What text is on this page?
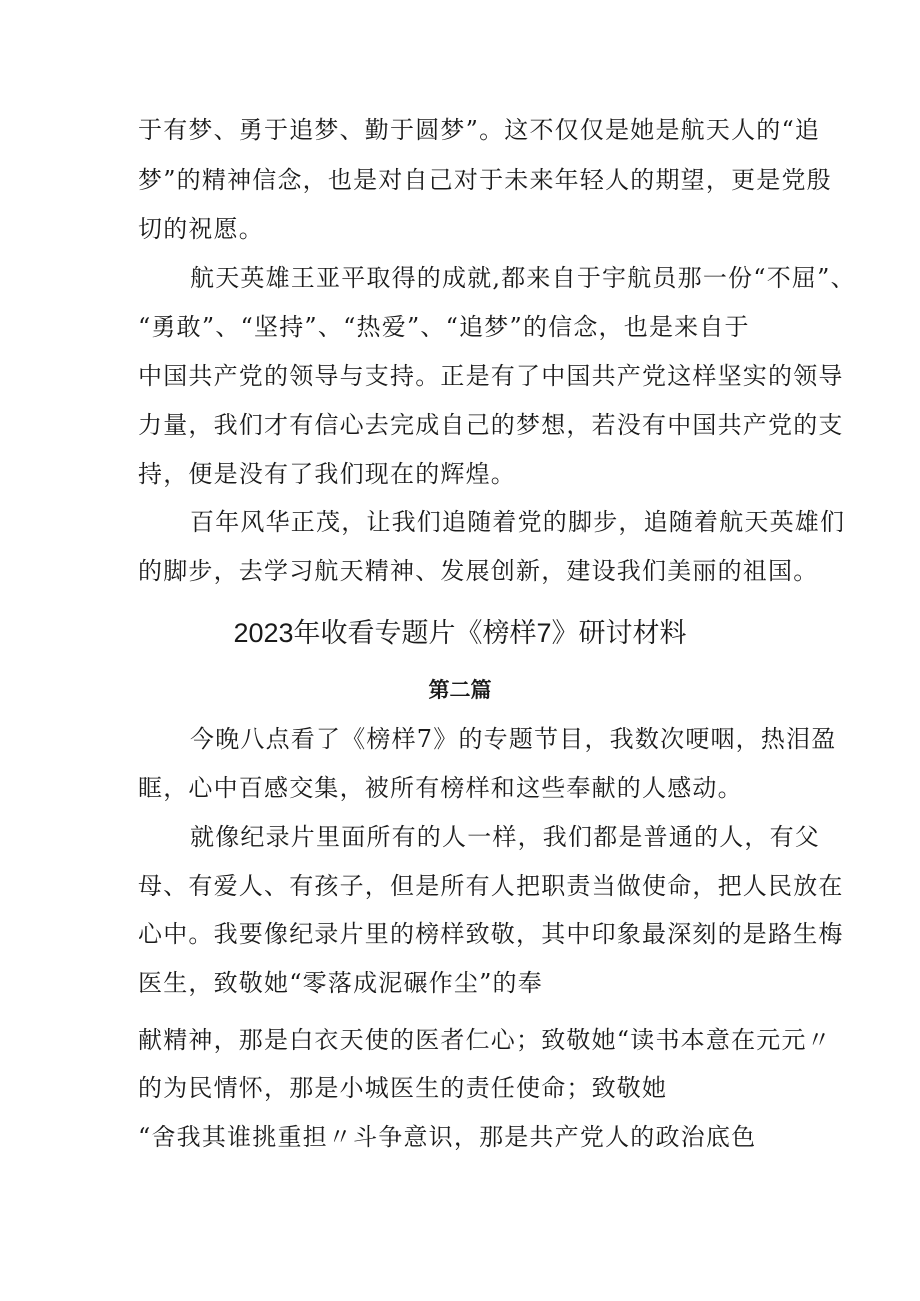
于有梦、勇于追梦、勤于圆梦”。这不仅仅是她是航天人的“追
梦”的精神信念，也是对自己对于未来年轻人的期望，更是党殷
切的祝愿。
航天英雄王亚平取得的成就,都来自于宇航员那一份“不屈”、
“勇敢”、“坚持”、“热爱”、“追梦”的信念，也是来自于
中国共产党的领导与支持。正是有了中国共产党这样坚实的领导
力量，我们才有信心去完成自己的梦想，若没有中国共产党的支
持，便是没有了我们现在的辉煌。
百年风华正茂，让我们追随着党的脚步，追随着航天英雄们
的脚步，去学习航天精神、发展创新，建设我们美丽的祖国。
2023年收看专题片《榜样7》研讨材料
第二篇
今晚八点看了《榜样7》的专题节目，我数次哽咽，热泪盈
眶，心中百感交集，被所有榜样和这些奉献的人感动。
就像纪录片里面所有的人一样，我们都是普通的人，有父
母、有爱人、有孩子，但是所有人把职责当做使命，把人民放在
心中。我要像纪录片里的榜样致敬，其中印象最深刻的是路生梅
医生，致敬她“零落成泥碾作尘”的奉
献精神，那是白衣天使的医者仁心；致敬她“读书本意在元元〃
的为民情怀，那是小城医生的责任使命；致敬她
“舍我其谁挑重担〃斗争意识，那是共产党人的政治底色
